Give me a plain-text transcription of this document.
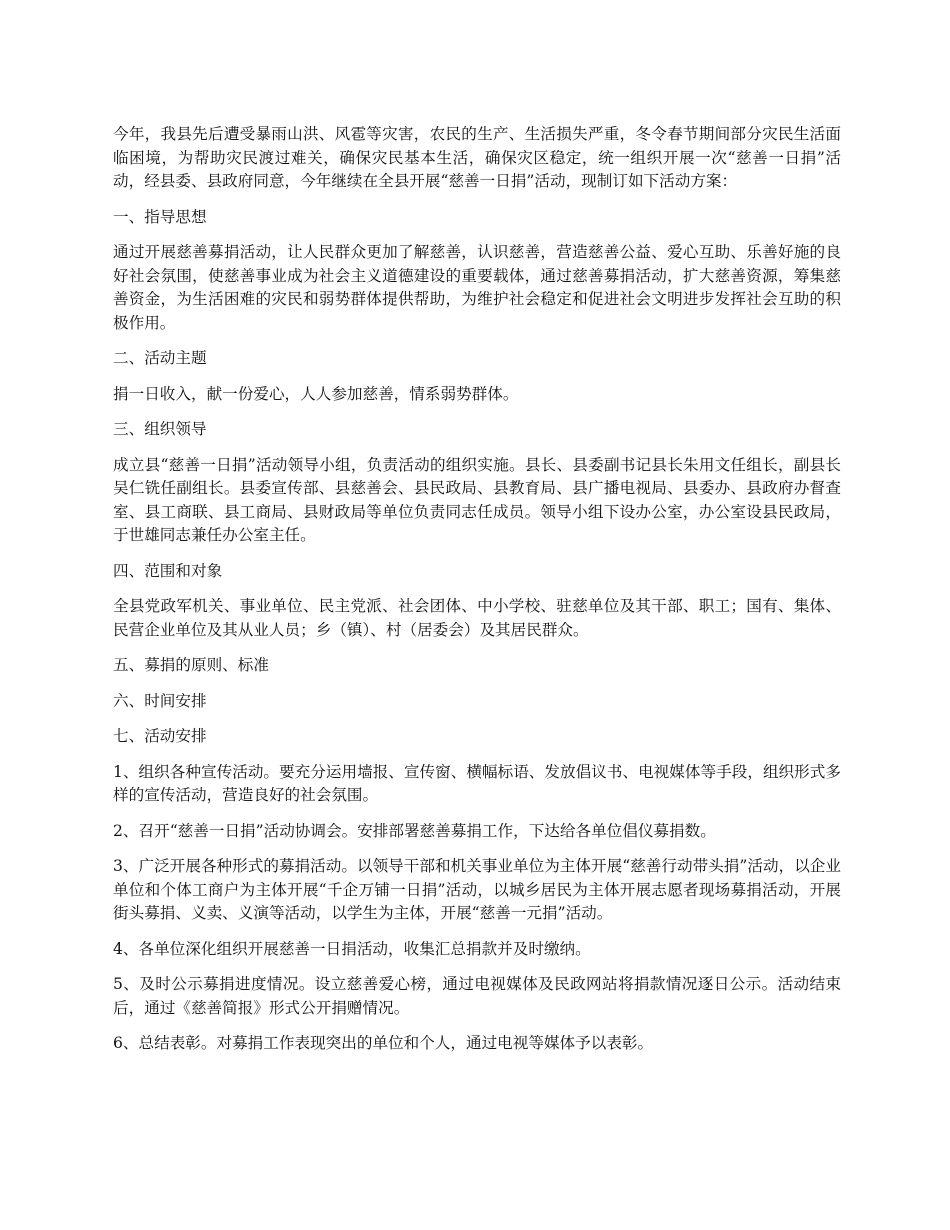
今年，我县先后遭受暴雨山洪、风雹等灾害，农民的生产、生活损失严重，冬令春节期间部分灾民生活面临困境，为帮助灾民渡过难关，确保灾民基本生活，确保灾区稳定，统一组织开展一次“慈善一日捐”活动，经县委、县政府同意，今年继续在全县开展“慈善一日捐”活动，现制订如下活动方案：

一、指导思想

通过开展慈善募捐活动，让人民群众更加了解慈善，认识慈善，营造慈善公益、爱心互助、乐善好施的良好社会氛围，使慈善事业成为社会主义道德建设的重要载体，通过慈善募捐活动，扩大慈善资源，筹集慈善资金，为生活困难的灾民和弱势群体提供帮助，为维护社会稳定和促进社会文明进步发挥社会互助的积极作用。

二、活动主题

捐一日收入，献一份爱心，人人参加慈善，情系弱势群体。

三、组织领导

成立县“慈善一日捐”活动领导小组，负责活动的组织实施。县长、县委副书记县长朱用文任组长，副县长吴仁铣任副组长。县委宣传部、县慈善会、县民政局、县教育局、县广播电视局、县委办、县政府办督查室、县工商联、县工商局、县财政局等单位负责同志任成员。领导小组下设办公室，办公室设县民政局，于世雄同志兼任办公室主任。

四、范围和对象

全县党政军机关、事业单位、民主党派、社会团体、中小学校、驻慈单位及其干部、职工；国有、集体、民营企业单位及其从业人员；乡（镇）、村（居委会）及其居民群众。

五、募捐的原则、标准

六、时间安排

七、活动安排

1、组织各种宣传活动。要充分运用墙报、宣传窗、横幅标语、发放倡议书、电视媒体等手段，组织形式多样的宣传活动，营造良好的社会氛围。

2、召开“慈善一日捐”活动协调会。安排部署慈善募捐工作，下达给各单位倡仪募捐数。

3、广泛开展各种形式的募捐活动。以领导干部和机关事业单位为主体开展“慈善行动带头捐”活动，以企业单位和个体工商户为主体开展“千企万铺一日捐”活动，以城乡居民为主体开展志愿者现场募捐活动，开展街头募捐、义卖、义演等活动，以学生为主体，开展“慈善一元捐”活动。

4、各单位深化组织开展慈善一日捐活动，收集汇总捐款并及时缴纳。

5、及时公示募捐进度情况。设立慈善爱心榜，通过电视媒体及民政网站将捐款情况逐日公示。活动结束后，通过《慈善简报》形式公开捐赠情况。

6、总结表彰。对募捐工作表现突出的单位和个人，通过电视等媒体予以表彰。
